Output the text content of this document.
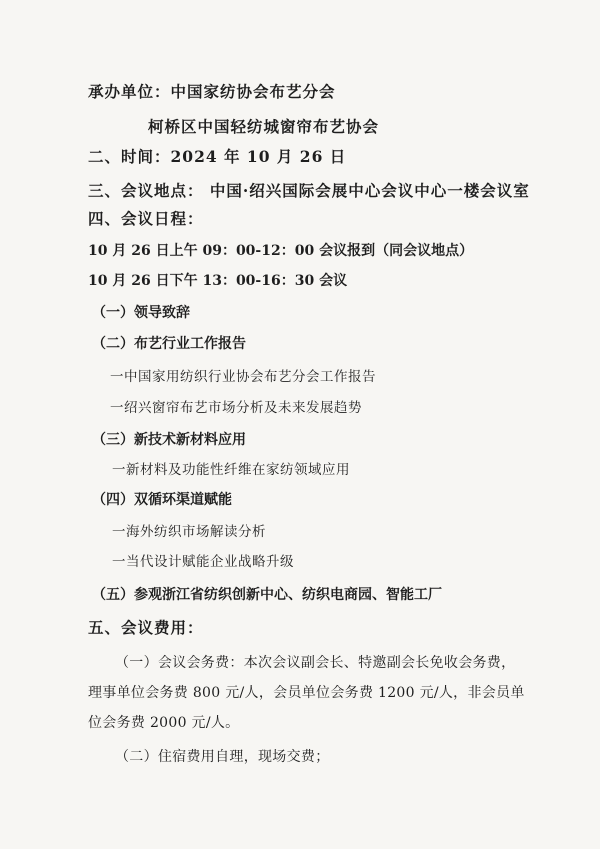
承办单位：中国家纺协会布艺分会
柯桥区中国轻纺城窗帘布艺协会
二、时间：2024 年 10 月 26 日
三、会议地点： 中国·绍兴国际会展中心会议中心一楼会议室
四、会议日程：
10 月 26 日上午 09：00-12：00 会议报到（同会议地点）
10 月 26 日下午 13：00-16：30 会议
（一）领导致辞
（二）布艺行业工作报告
一中国家用纺织行业协会布艺分会工作报告
一绍兴窗帘布艺市场分析及未来发展趋势
（三）新技术新材料应用
一新材料及功能性纤维在家纺领域应用
（四）双循环渠道赋能
一海外纺织市场解读分析
一当代设计赋能企业战略升级
（五）参观浙江省纺织创新中心、纺织电商园、智能工厂
五、会议费用：
（一）会议会务费：本次会议副会长、特邀副会长免收会务费，
理事单位会务费 800 元/人，会员单位会务费 1200 元/人，非会员单
位会务费 2000 元/人。
（二）住宿费用自理，现场交费；
